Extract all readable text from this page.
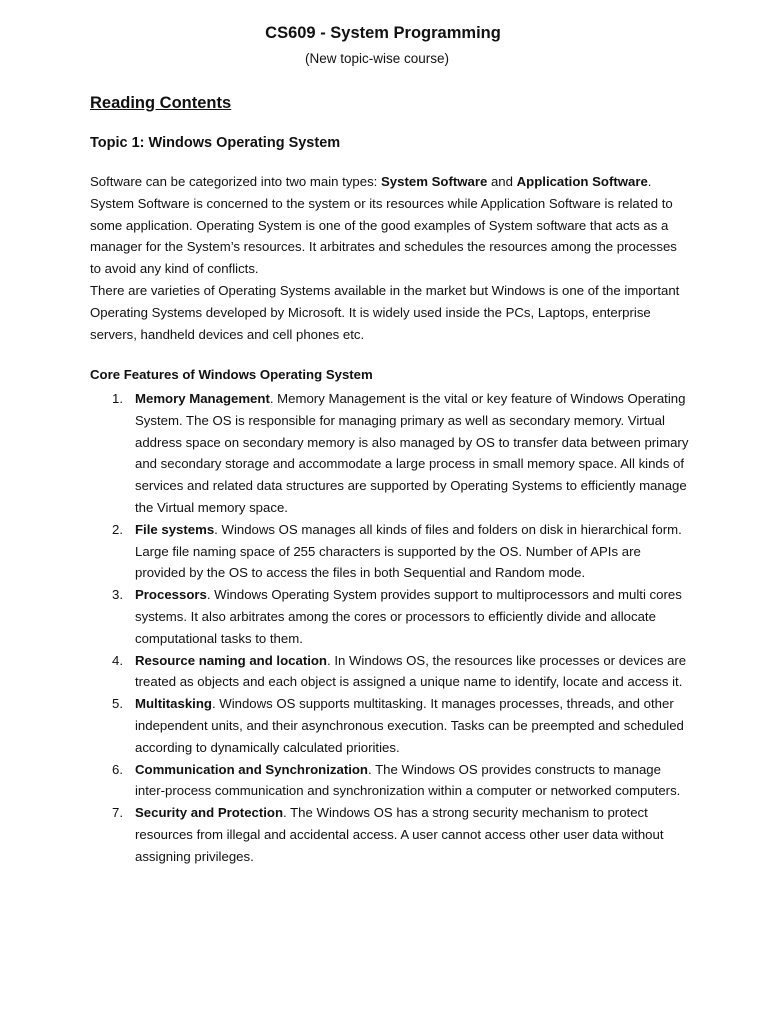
CS609 - System Programming
(New topic-wise course)
Reading Contents
Topic 1: Windows Operating System

Software can be categorized into two main types: System Software and Application Software. System Software is concerned to the system or its resources while Application Software is related to some application. Operating System is one of the good examples of System software that acts as a manager for the System’s resources. It arbitrates and schedules the resources among the processes to avoid any kind of conflicts.

There are varieties of Operating Systems available in the market but Windows is one of the important Operating Systems developed by Microsoft. It is widely used inside the PCs, Laptops, enterprise servers, handheld devices and cell phones etc.

Core Features of Windows Operating System
1. Memory Management. Memory Management is the vital or key feature of Windows Operating System. The OS is responsible for managing primary as well as secondary memory. Virtual address space on secondary memory is also managed by OS to transfer data between primary and secondary storage and accommodate a large process in small memory space. All kinds of services and related data structures are supported by Operating Systems to efficiently manage the Virtual memory space.
2. File systems. Windows OS manages all kinds of files and folders on disk in hierarchical form. Large file naming space of 255 characters is supported by the OS. Number of APIs are provided by the OS to access the files in both Sequential and Random mode.
3. Processors. Windows Operating System provides support to multiprocessors and multi cores systems. It also arbitrates among the cores or processors to efficiently divide and allocate computational tasks to them.
4. Resource naming and location. In Windows OS, the resources like processes or devices are treated as objects and each object is assigned a unique name to identify, locate and access it.
5. Multitasking. Windows OS supports multitasking. It manages processes, threads, and other independent units, and their asynchronous execution. Tasks can be preempted and scheduled according to dynamically calculated priorities.
6. Communication and Synchronization. The Windows OS provides constructs to manage inter-process communication and synchronization within a computer or networked computers.
7. Security and Protection. The Windows OS has a strong security mechanism to protect resources from illegal and accidental access. A user cannot access other user data without assigning privileges.
